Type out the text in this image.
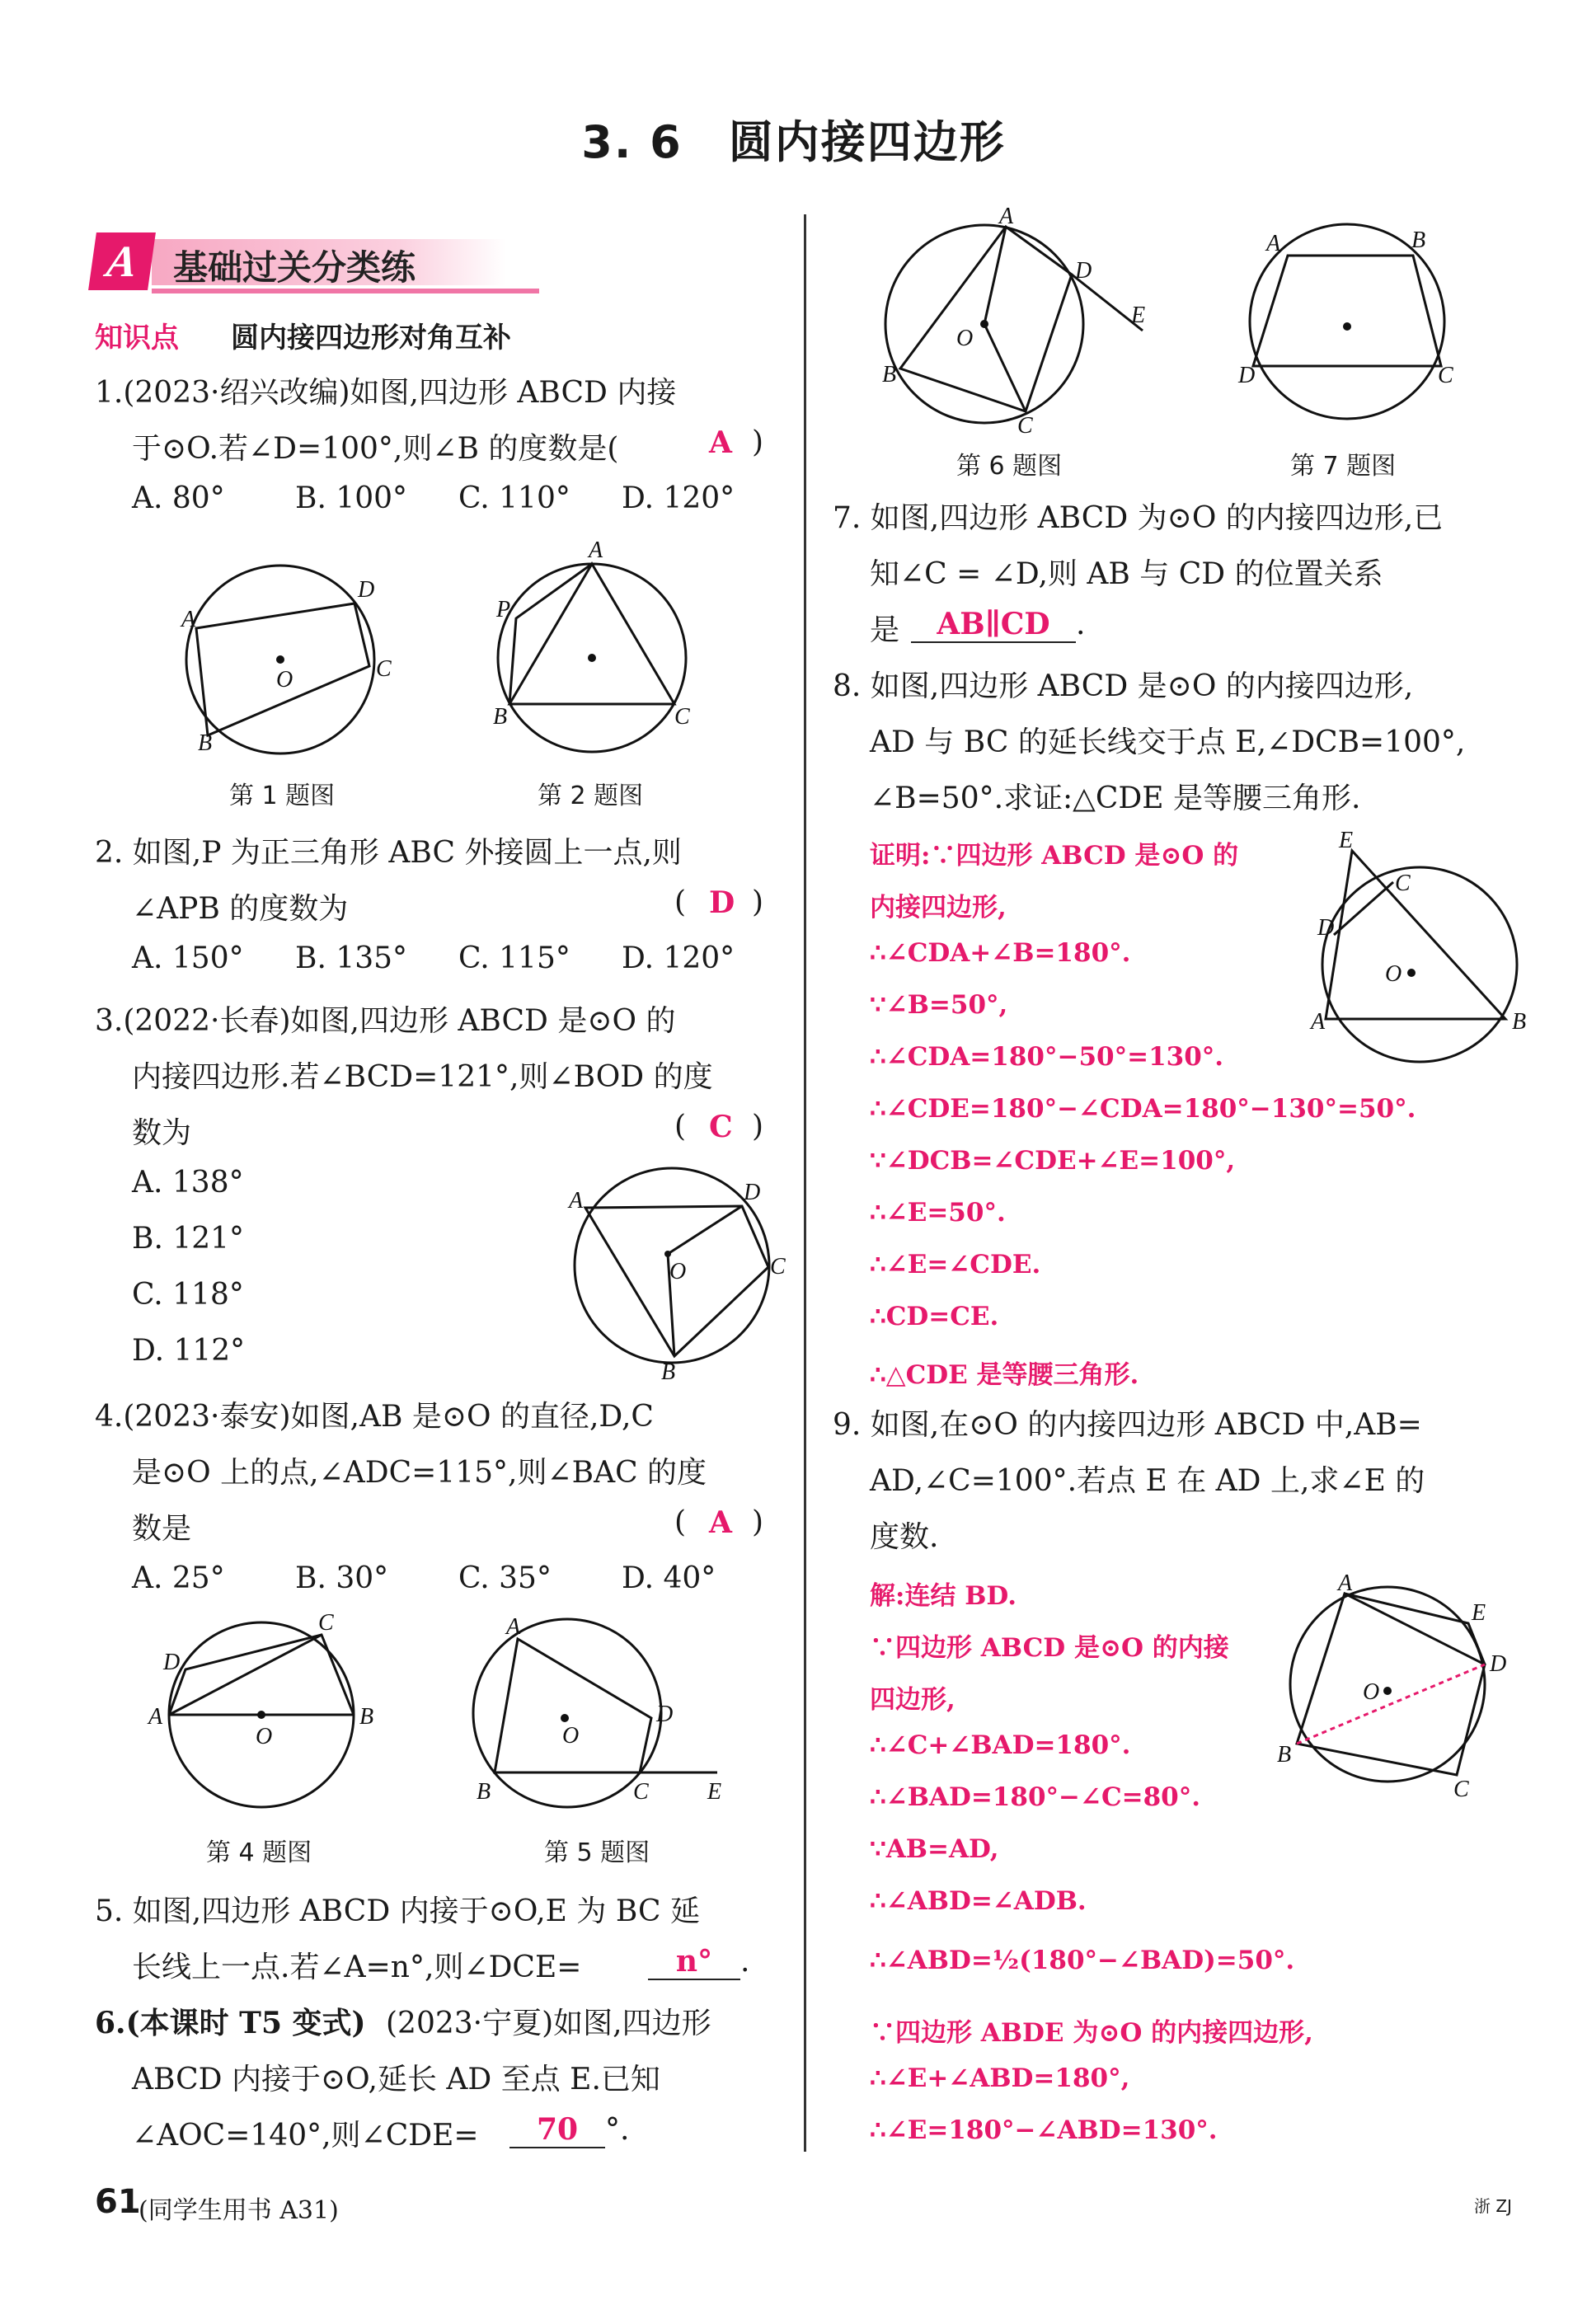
3. 6　圆内接四边形
A 基础过关分类练
知识点 圆内接四边形对角互补
1.(2023·绍兴改编)如图,四边形 ABCD 内接
于⊙O.若∠D=100°,则∠B 的度数是(	A )
A. 80° B. 100° C. 110° D. 120°
A
D
C
B
O
第 1 题图
A
P
B	C
第 2 题图
2. 如图,P 为正三角形 ABC 外接圆上一点,则
∠APB 的度数为	( D )
A. 150° B. 135° C. 115° D. 120°
3.(2022·长春)如图,四边形 ABCD 是⊙O 的
内接四边形.若∠BCD=121°,则∠BOD 的度
数为	( C )
A. 138°
B. 121°
C. 118°
D. 112°
A	D
C
B
O
4.(2023·泰安)如图,AB 是⊙O 的直径,D,C
是⊙O 上的点,∠ADC=115°,则∠BAC 的度
数是	( A )
A. 25° B. 30° C. 35° D. 40°
D
C
A	B
O
第 4 题图
A
D
B	C	E
O
第 5 题图
5. 如图,四边形 ABCD 内接于⊙O,E 为 BC 延
长线上一点.若∠A=n°,则∠DCE=	n° .
6.(本课时 T5 变式) (2023·宁夏)如图,四边形
ABCD 内接于⊙O,延长 AD 至点 E.已知
∠AOC=140°,则∠CDE=	70 °.
61
(同学生用书 A31)	浙 ZJ
A
D
E
B
C
O
第 6 题图
A	B
D	C
第 7 题图
7. 如图,四边形 ABCD 为⊙O 的内接四边形,已
知∠C = ∠D,则 AB 与 CD 的位置关系
是	AB∥CD .
8. 如图,四边形 ABCD 是⊙O 的内接四边形,
AD 与 BC 的延长线交于点 E,∠DCB=100°,
∠B=50°.求证:△CDE 是等腰三角形.
证明:∵四边形 ABCD 是⊙O 的
内接四边形,
∴∠CDA+∠B=180°.
∵∠B=50°,
∴∠CDA=180°−50°=130°.
∴∠CDE=180°−∠CDA=180°−130°=50°.
∵∠DCB=∠CDE+∠E=100°,
∴∠E=50°.
∴∠E=∠CDE.
∴CD=CE.
∴△CDE 是等腰三角形.
E
C
D
A	B
O
9. 如图,在⊙O 的内接四边形 ABCD 中,AB=
AD,∠C=100°.若点 E 在 AD 上,求∠E 的
度数.
解:连结 BD.
∵四边形 ABCD 是⊙O 的内接
四边形,
∴∠C+∠BAD=180°.
∴∠BAD=180°−∠C=80°.
∵AB=AD,
∴∠ABD=∠ADB.
∴∠ABD=½(180°−∠BAD)=50°.
∵四边形 ABDE 为⊙O 的内接四边形,
∴∠E+∠ABD=180°,
∴∠E=180°−∠ABD=130°.
A
E
D
B
C
O
